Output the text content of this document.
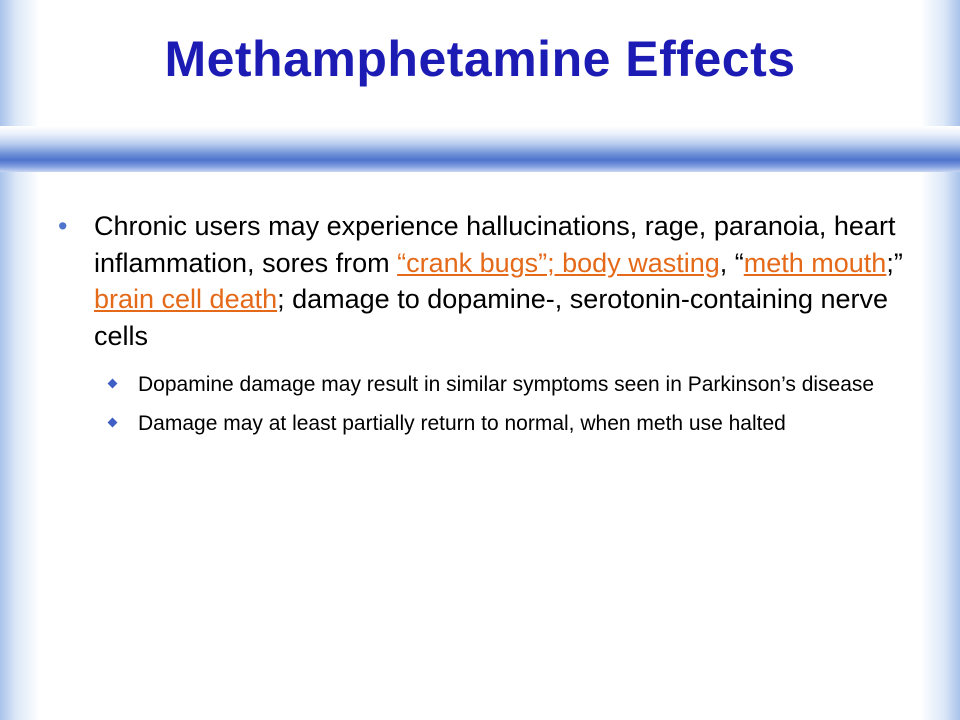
Methamphetamine Effects
• Chronic users may experience hallucinations, rage, paranoia, heart inflammation, sores from “crank bugs”; body wasting, “meth mouth;” brain cell death; damage to dopamine-, serotonin-containing nerve cells
Dopamine damage may result in similar symptoms seen in Parkinson’s disease
Damage may at least partially return to normal, when meth use halted
